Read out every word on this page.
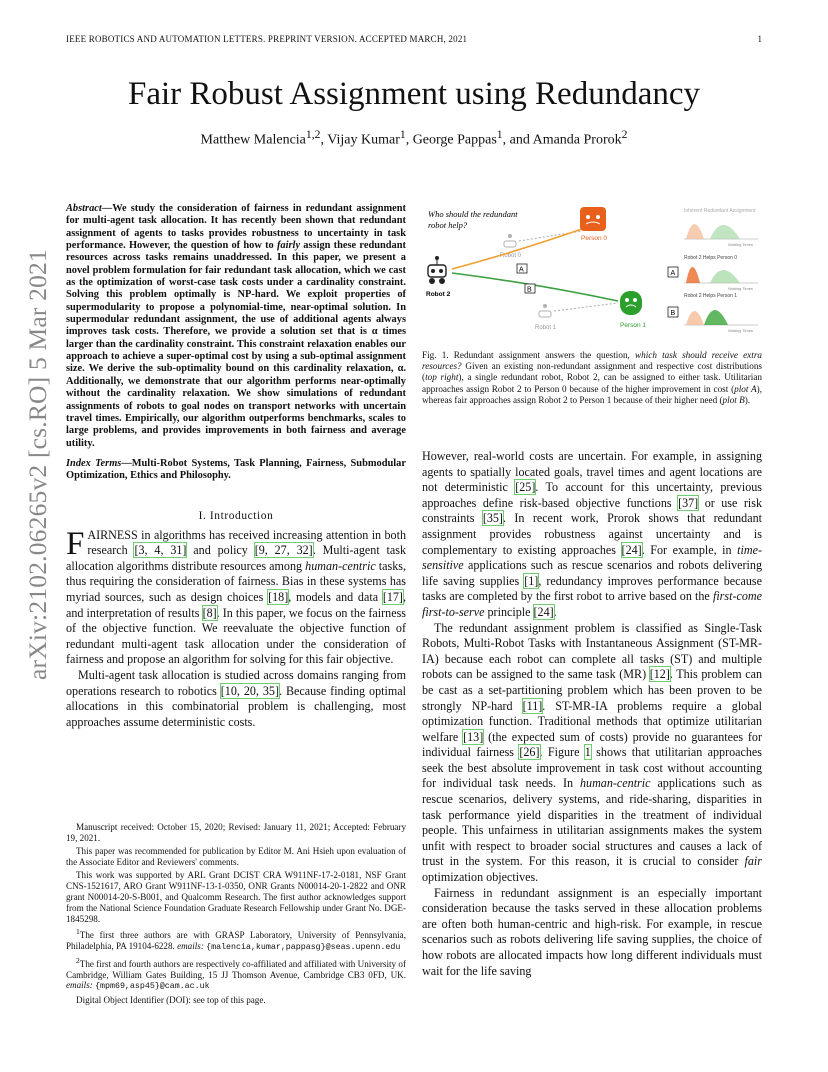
IEEE ROBOTICS AND AUTOMATION LETTERS. PREPRINT VERSION. ACCEPTED MARCH, 2021	1
Fair Robust Assignment using Redundancy
Matthew Malencia$^{1,2}$, Vijay Kumar$^1$, George Pappas$^1$, and Amanda Prorok$^2$
arXiv:2102.06265v2 [cs.RO] 5 Mar 2021
Abstract—We study the consideration of fairness in redundant assignment for multi-agent task allocation. It has recently been shown that redundant assignment of agents to tasks provides robustness to uncertainty in task performance. However, the question of how to fairly assign these redundant resources across tasks remains unaddressed. In this paper, we present a novel problem formulation for fair redundant task allocation, which we cast as the optimization of worst-case task costs under a cardinality constraint. Solving this problem optimally is NP-hard. We exploit properties of supermodularity to propose a polynomial-time, near-optimal solution. In supermodular redundant assignment, the use of additional agents always improves task costs. Therefore, we provide a solution set that is α times larger than the cardinality constraint. This constraint relaxation enables our approach to achieve a super-optimal cost by using a sub-optimal assignment size. We derive the sub-optimality bound on this cardinality relaxation, α. Additionally, we demonstrate that our algorithm performs near-optimally without the cardinality relaxation. We show simulations of redundant assignments of robots to goal nodes on transport networks with uncertain travel times. Empirically, our algorithm outperforms benchmarks, scales to large problems, and provides improvements in both fairness and average utility.
Index Terms—Multi-Robot Systems, Task Planning, Fairness, Submodular Optimization, Ethics and Philosophy.
I. Introduction

FAIRNESS in algorithms has received increasing attention in both research [3, 4, 31] and policy [9, 27, 32]. Multi-agent task allocation algorithms distribute resources among human-centric tasks, thus requiring the consideration of fairness. Bias in these systems has myriad sources, such as design choices [18], models and data [17], and interpretation of results [8]. In this paper, we focus on the fairness of the objective function. We reevaluate the objective function of redundant multi-agent task allocation under the consideration of fairness and propose an algorithm for solving for this fair objective.

Multi-agent task allocation is studied across domains ranging from operations research to robotics [10, 20, 35]. Because finding optimal allocations in this combinatorial problem is challenging, most approaches assume deterministic costs.

Manuscript received: October 15, 2020; Revised: January 11, 2021; Accepted: February 19, 2021.

This paper was recommended for publication by Editor M. Ani Hsieh upon evaluation of the Associate Editor and Reviewers' comments.

This work was supported by ARL Grant DCIST CRA W911NF-17-2-0181, NSF Grant CNS-1521617, ARO Grant W911NF-13-1-0350, ONR Grants N00014-20-1-2822 and ONR grant N00014-20-S-B001, and Qualcomm Research. The first author acknowledges support from the National Science Foundation Graduate Research Fellowship under Grant No. DGE-1845298.

$^1$The first three authors are with GRASP Laboratory, University of Pennsylvania, Philadelphia, PA 19104-6228. emails: {malencia,kumar,pappasg}@seas.upenn.edu

$^2$The first and fourth authors are respectively co-affiliated and affiliated with University of Cambridge, William Gates Building, 15 JJ Thomson Avenue, Cambridge CB3 0FD, UK. emails: {mpm69,asp45}@cam.ac.uk

Digital Object Identifier (DOI): see top of this page.

Who should the redundant
robot help?
Robot 0
Robot 1
Robot 2
A
B
Person 0
Person 1
Inherent Redundant Assignment
Waiting Times
A
Robot 2 Helps Person 0
Waiting Times
B
Robot 2 Helps Person 1
Waiting Times
Fig. 1. Redundant assignment answers the question, which task should receive extra resources? Given an existing non-redundant assignment and respective cost distributions (top right), a single redundant robot, Robot 2, can be assigned to either task. Utilitarian approaches assign Robot 2 to Person 0 because of the higher improvement in cost (plot A), whereas fair approaches assign Robot 2 to Person 1 because of their higher need (plot B).

However, real-world costs are uncertain. For example, in assigning agents to spatially located goals, travel times and agent locations are not deterministic [25]. To account for this uncertainty, previous approaches define risk-based objective functions [37] or use risk constraints [35]. In recent work, Prorok shows that redundant assignment provides robustness against uncertainty and is complementary to existing approaches [24]. For example, in time-sensitive applications such as rescue scenarios and robots delivering life saving supplies [1], redundancy improves performance because tasks are completed by the first robot to arrive based on the first-come first-to-serve principle [24].

The redundant assignment problem is classified as Single-Task Robots, Multi-Robot Tasks with Instantaneous Assignment (ST-MR-IA) because each robot can complete all tasks (ST) and multiple robots can be assigned to the same task (MR) [12]. This problem can be cast as a set-partitioning problem which has been proven to be strongly NP-hard [11]. ST-MR-IA problems require a global optimization function. Traditional methods that optimize utilitarian welfare [13] (the expected sum of costs) provide no guarantees for individual fairness [26]. Figure 1 shows that utilitarian approaches seek the best absolute improvement in task cost without accounting for individual task needs. In human-centric applications such as rescue scenarios, delivery systems, and ride-sharing, disparities in task performance yield disparities in the treatment of individual people. This unfairness in utilitarian assignments makes the system unfit with respect to broader social structures and causes a lack of trust in the system. For this reason, it is crucial to consider fair optimization objectives.

Fairness in redundant assignment is an especially important consideration because the tasks served in these allocation problems are often both human-centric and high-risk. For example, in rescue scenarios such as robots delivering life saving supplies, the choice of how robots are allocated impacts how long different individuals must wait for the life saving
